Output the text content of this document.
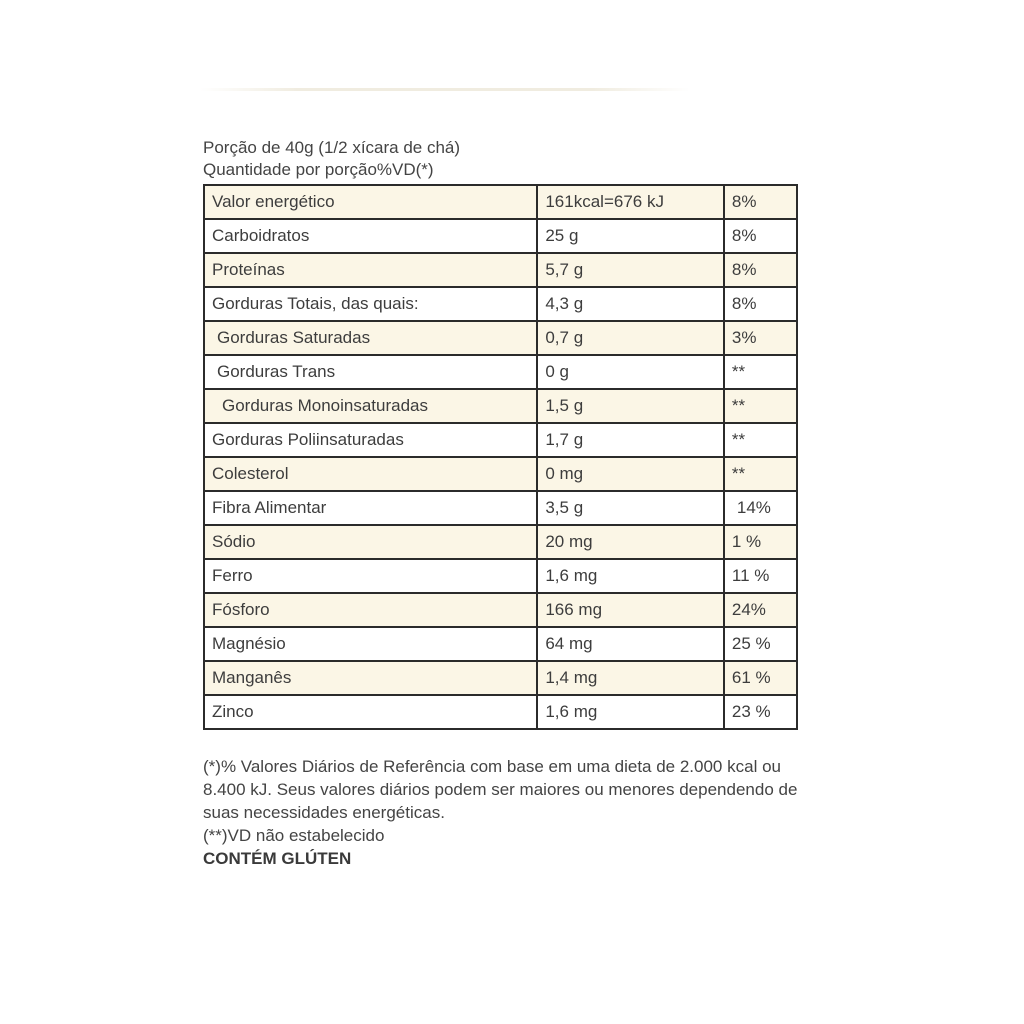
Porção de 40g (1/2 xícara de chá)
Quantidade por porção%VD(*)
Valor energético	161kcal=676 kJ	8%
Carboidratos	25 g	8%
Proteínas	5,7 g	8%
Gorduras Totais, das quais:	4,3 g	8%
Gorduras Saturadas	0,7 g	3%
Gorduras Trans	0 g	**
Gorduras Monoinsaturadas	1,5 g	**
Gorduras Poliinsaturadas	1,7 g	**
Colesterol	0 mg	**
Fibra Alimentar	3,5 g	14%
Sódio	20 mg	1 %
Ferro	1,6 mg	11 %
Fósforo	166 mg	24%
Magnésio	64 mg	25 %
Manganês	1,4 mg	61 %
Zinco	1,6 mg	23 %

(*)% Valores Diários de Referência com base em uma dieta de 2.000 kcal ou 8.400 kJ. Seus valores diários podem ser maiores ou menores dependendo de suas necessidades energéticas.

(**)VD não estabelecido

CONTÉM GLÚTEN
